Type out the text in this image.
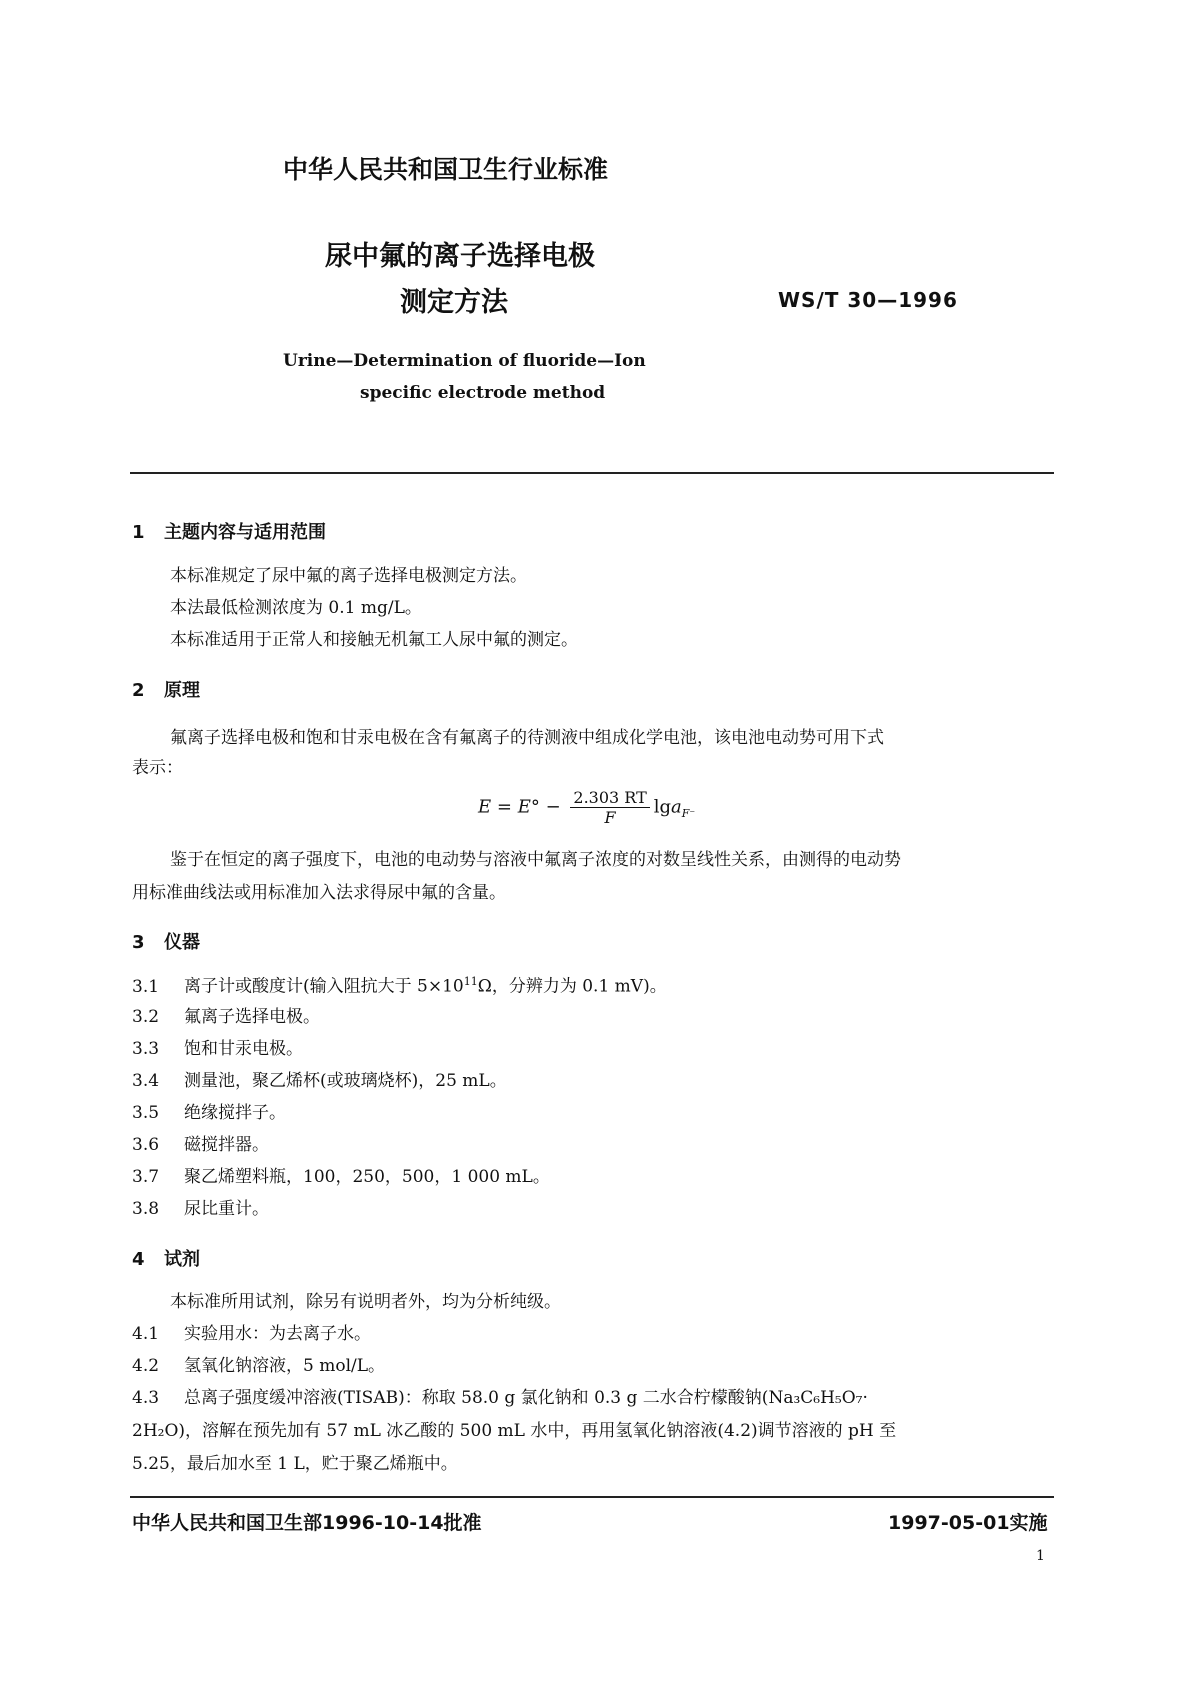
中华人民共和国卫生行业标准
尿中氟的离子选择电极
测定方法	WS/T 30—1996
Urine—Determination of fluoride—Ion
specific electrode method
1 主题内容与适用范围
本标准规定了尿中氟的离子选择电极测定方法。
本法最低检测浓度为 0.1 mg/L。
本标准适用于正常人和接触无机氟工人尿中氟的测定。
2 原理
氟离子选择电极和饱和甘汞电极在含有氟离子的待测液中组成化学电池，该电池电动势可用下式
表示：
$E = E^\circ - \frac{2.303 RT}{F} \lg a_{F^-}$
鉴于在恒定的离子强度下，电池的电动势与溶液中氟离子浓度的对数呈线性关系，由测得的电动势
用标准曲线法或用标准加入法求得尿中氟的含量。
3 仪器
3.1 离子计或酸度计(输入阻抗大于 $5\times 10^{11}\Omega$，分辨力为 0.1 mV)。
3.2 氟离子选择电极。
3.3 饱和甘汞电极。
3.4 测量池，聚乙烯杯(或玻璃烧杯)，25 mL。
3.5 绝缘搅拌子。
3.6 磁搅拌器。
3.7 聚乙烯塑料瓶，100，250，500，1 000 mL。
3.8 尿比重计。
4 试剂
本标准所用试剂，除另有说明者外，均为分析纯级。
4.1 实验用水：为去离子水。
4.2 氢氧化钠溶液，5 mol/L。
4.3 总离子强度缓冲溶液(TISAB)：称取 58.0 g 氯化钠和 0.3 g 二水合柠檬酸钠(Na₃C₆H₅O₇·
2H₂O)，溶解在预先加有 57 mL 冰乙酸的 500 mL 水中，再用氢氧化钠溶液(4.2)调节溶液的 pH 至
5.25，最后加水至 1 L，贮于聚乙烯瓶中。
中华人民共和国卫生部1996-10-14批准	1997-05-01实施
1
